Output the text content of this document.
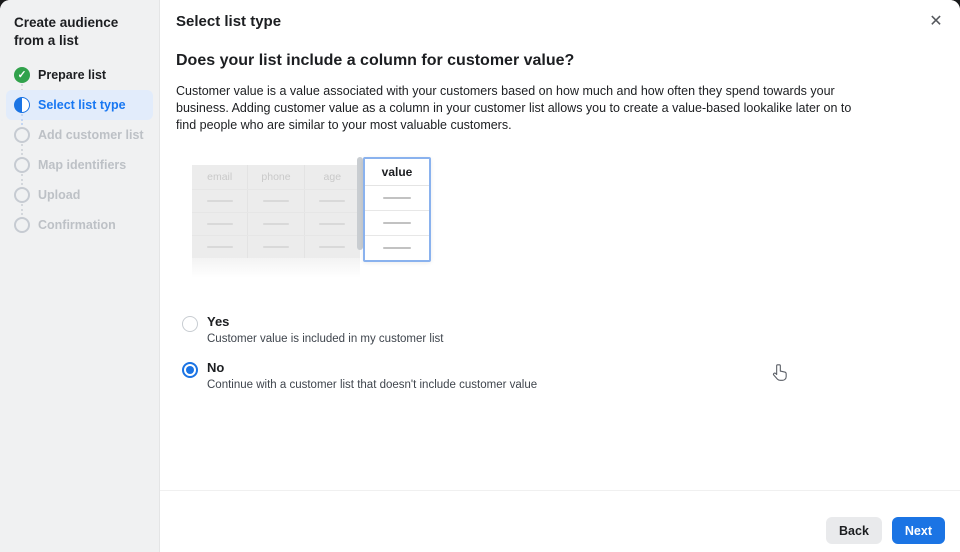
Create audience from a list
✓ Prepare list
Select list type
Add customer list
Map identifiers
Upload
Confirmation
Select list type	✕
Does your list include a column for customer value?

Customer value is a value associated with your customers based on how much and how often they spend towards your business. Adding customer value as a column in your customer list allows you to create a value-based lookalike later on to find people who are similar to your most valuable customers.

email	phone	age	value
Yes
Customer value is included in my customer list
No
Continue with a customer list that doesn't include customer value
Back	Next
